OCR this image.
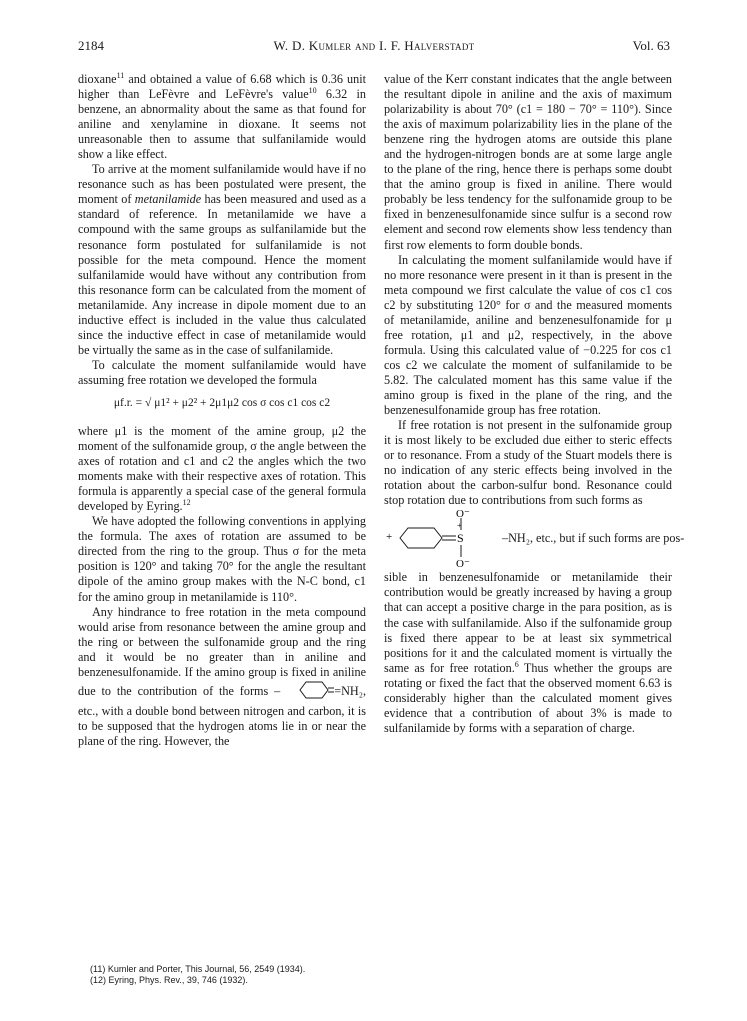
2184	W. D. Kumler and I. F. Halverstadt	Vol. 63

dioxane$^{11}$ and obtained a value of 6.68 which is 0.36 unit higher than LeFèvre and LeFèvre's value$^{10}$ 6.32 in benzene, an abnormality about the same as that found for aniline and xenylamine in dioxane. It seems not unreasonable then to assume that sulfanilamide would show a like effect.

To arrive at the moment sulfanilamide would have if no resonance such as has been postulated were present, the moment of metanilamide has been measured and used as a standard of reference. In metanilamide we have a compound with the same groups as sulfanilamide but the resonance form postulated for sulfanilamide is not possible for the meta compound. Hence the moment sulfanilamide would have without any contribution from this resonance form can be calculated from the moment of metanilamide. Any increase in dipole moment due to an inductive effect is included in the value thus calculated since the inductive effect in case of metanilamide would be virtually the same as in the case of sulfanilamide.

To calculate the moment sulfanilamide would have assuming free rotation we developed the formula

μf.r. = √ μ1² + μ2² + 2μ1μ2 cos σ cos c1 cos c2

where μ1 is the moment of the amine group, μ2 the moment of the sulfonamide group, σ the angle between the axes of rotation and c1 and c2 the angles which the two moments make with their respective axes of rotation. This formula is apparently a special case of the general formula developed by Eyring.$^{12}$

We have adopted the following conventions in applying the formula. The axes of rotation are assumed to be directed from the ring to the group. Thus σ for the meta position is 120° and taking 70° for the angle the resultant dipole of the amino group makes with the N-C bond, c1 for the amino group in metanilamide is 110°.

Any hindrance to free rotation in the meta compound would arise from resonance between the amine group and the ring or between the sulfonamide group and the ring and it would be no greater than in aniline and benzenesulfonamide. If the amino group is fixed in aniline due to the contribution of the forms –	=NH₂, etc., with a double bond between nitrogen and carbon, it is to be supposed that the hydrogen atoms lie in or near the plane of the ring. However, the

value of the Kerr constant indicates that the angle between the resultant dipole in aniline and the axis of maximum polarizability is about 70° (c1 = 180 − 70° = 110°). Since the axis of maximum polarizability lies in the plane of the benzene ring the hydrogen atoms are outside this plane and the hydrogen-nitrogen bonds are at some large angle to the plane of the ring, hence there is perhaps some doubt that the amino group is fixed in aniline. There would probably be less tendency for the sulfonamide group to be fixed in benzenesulfonamide since sulfur is a second row element and second row elements show less tendency than first row elements to form double bonds.

In calculating the moment sulfanilamide would have if no more resonance were present in it than is present in the meta compound we first calculate the value of cos c1 cos c2 by substituting 120° for σ and the measured moments of metanilamide, aniline and benzenesulfonamide for μ free rotation, μ1 and μ2, respectively, in the above formula. Using this calculated value of −0.225 for cos c1 cos c2 we calculate the moment of sulfanilamide to be 5.82. The calculated moment has this same value if the amino group is fixed in the plane of the ring, and the benzenesulfonamide group has free rotation.

If free rotation is not present in the sulfonamide group it is most likely to be excluded due either to steric effects or to resonance. From a study of the Stuart models there is no indication of any steric effects being involved in the rotation about the carbon-sulfur bond. Resonance could stop rotation due to contributions from such forms as

+	S
+
O⁻
O⁻
–NH₂, etc., but if such forms are pos-

sible in benzenesulfonamide or metanilamide their contribution would be greatly increased by having a group that can accept a positive charge in the para position, as is the case with sulfanilamide. Also if the sulfonamide group is fixed there appear to be at least six symmetrical positions for it and the calculated moment is virtually the same as for free rotation.$^6$ Thus whether the groups are rotating or fixed the fact that the observed moment 6.63 is considerably higher than the calculated moment gives evidence that a contribution of about 3% is made to sulfanilamide by forms with a separation of charge.

(11) Kumler and Porter, This Journal, 56, 2549 (1934).
(12) Eyring, Phys. Rev., 39, 746 (1932).
